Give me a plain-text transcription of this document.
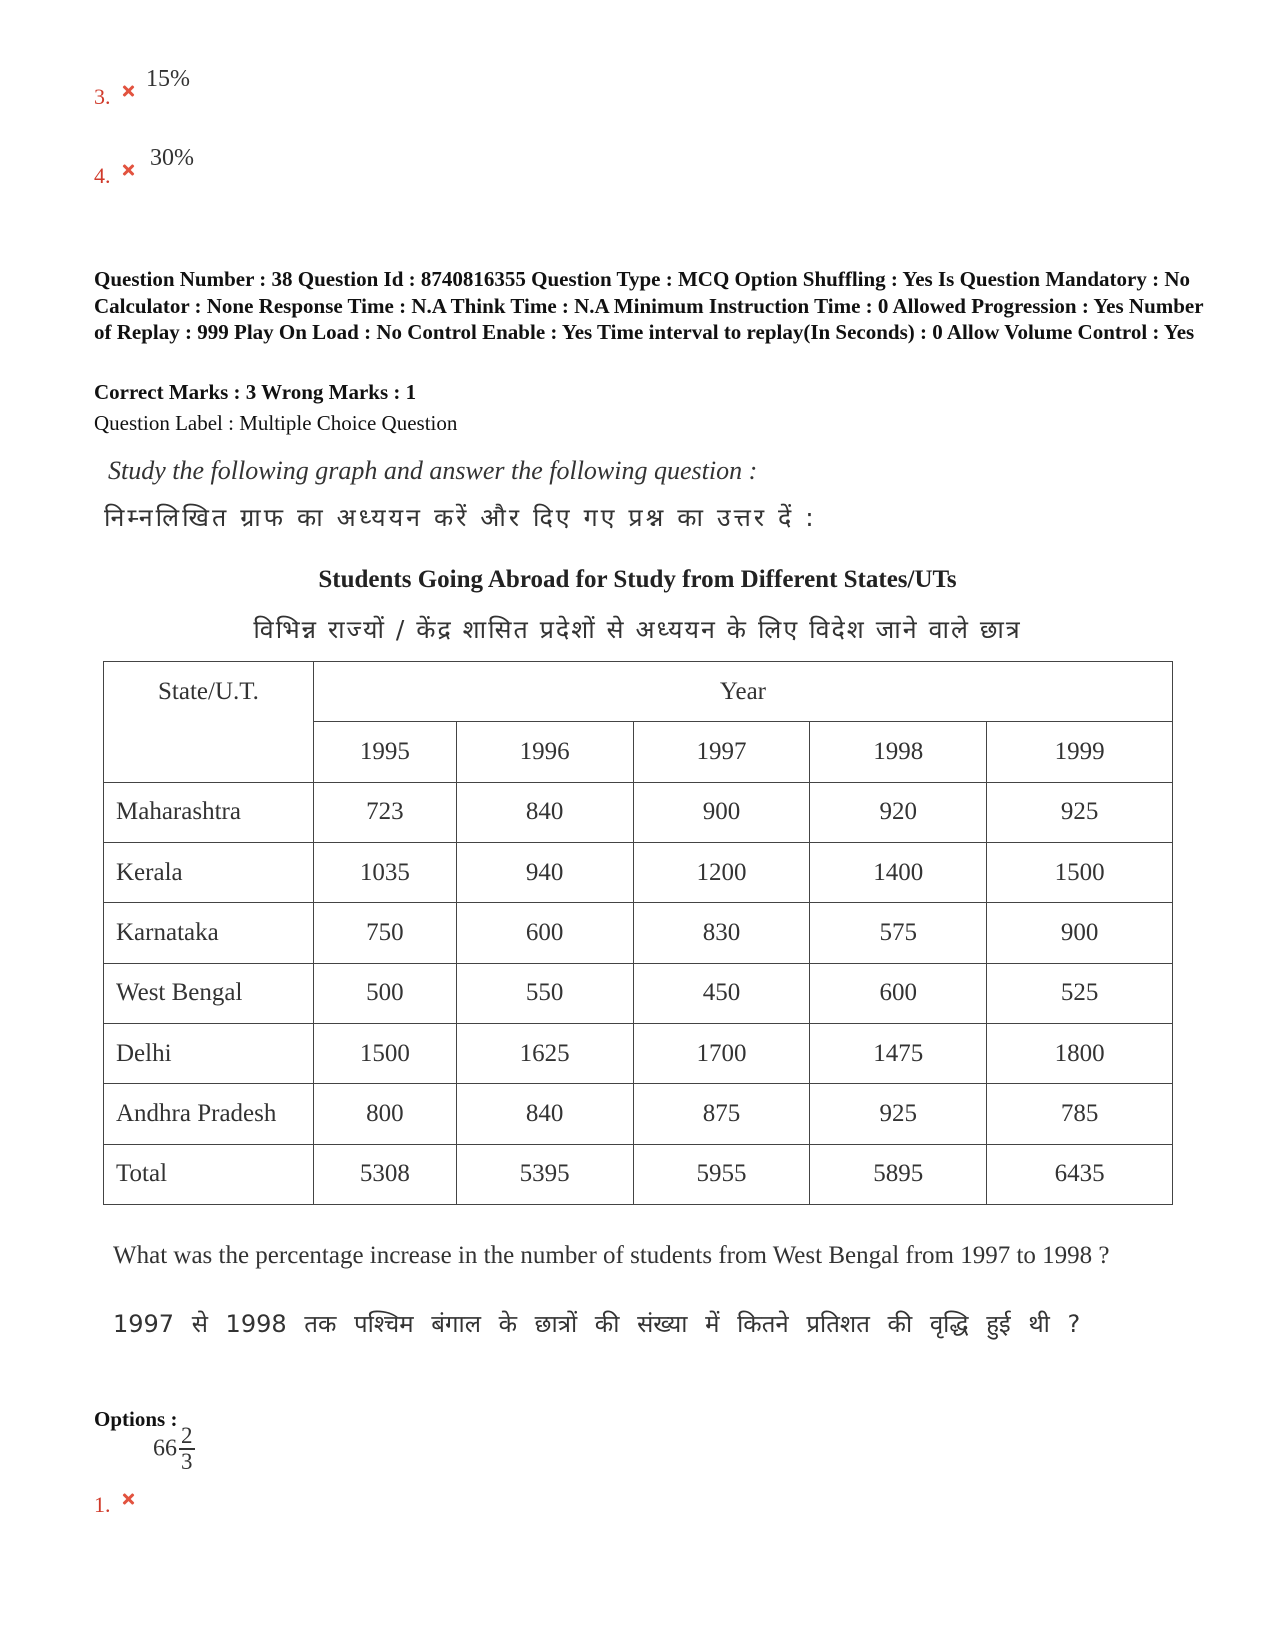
3.
15%
4.
30%
Question Number : 38 Question Id : 8740816355 Question Type : MCQ Option Shuffling : Yes Is Question Mandatory : No Calculator : None Response Time : N.A Think Time : N.A Minimum Instruction Time : 0 Allowed Progression : Yes Number of Replay : 999 Play On Load : No Control Enable : Yes Time interval to replay(In Seconds) : 0 Allow Volume Control : Yes
Correct Marks : 3 Wrong Marks : 1
Question Label : Multiple Choice Question
Study the following graph and answer the following question :
निम्नलिखित ग्राफ का अध्ययन करें और दिए गए प्रश्न का उत्तर दें :
Students Going Abroad for Study from Different States/UTs
विभिन्न राज्यों / केंद्र शासित प्रदेशों से अध्ययन के लिए विदेश जाने वाले छात्र
State/U.T.	Year				
	1995	1996	1997	1998	1999
Maharashtra	723	840	900	920	925
Kerala	1035	940	1200	1400	1500
Karnataka	750	600	830	575	900
West Bengal	500	550	450	600	525
Delhi	1500	1625	1700	1475	1800
Andhra Pradesh	800	840	875	925	785
Total	5308	5395	5955	5895	6435
What was the percentage increase in the number of students from West Bengal from 1997 to 1998 ?
1997 से 1998 तक पश्चिम बंगाल के छात्रों की संख्या में कितने प्रतिशत की वृद्धि हुई थी ?
Options :
1.
$66 \frac{2}{3}$
